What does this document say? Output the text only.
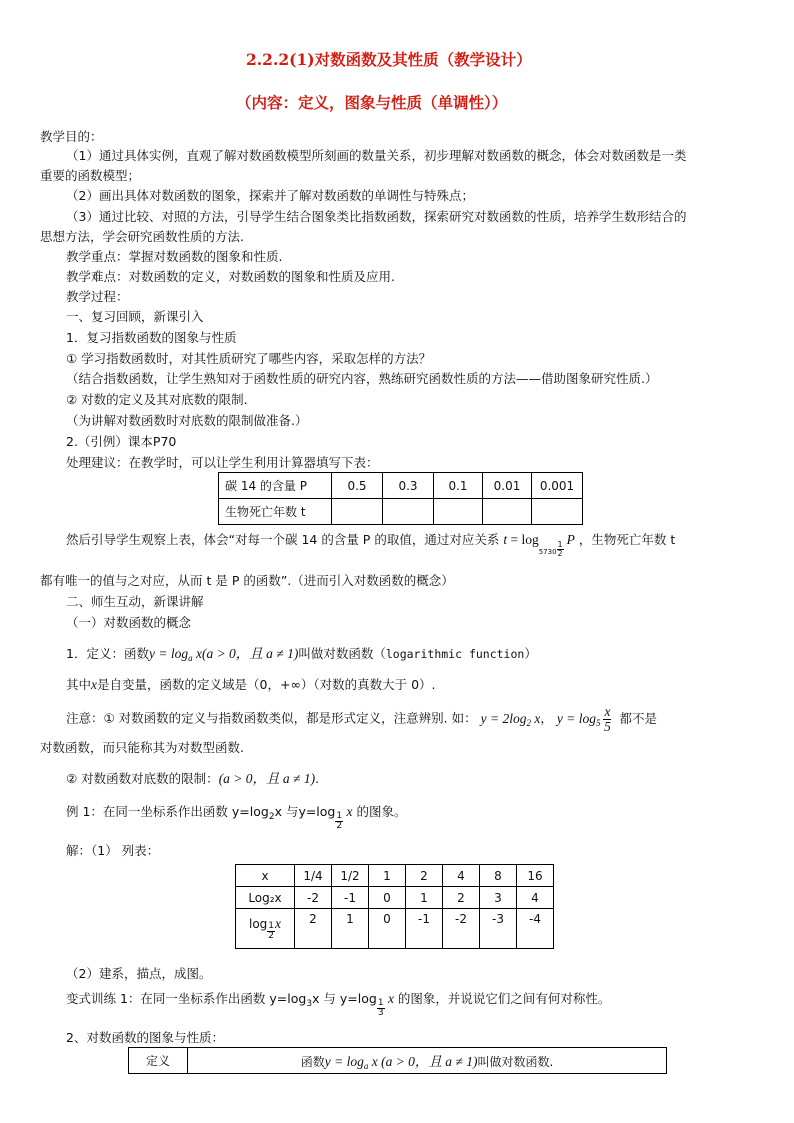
2.2.2(1)对数函数及其性质（教学设计）
（内容：定义，图象与性质（单调性））
教学目的：
（1）通过具体实例，直观了解对数函数模型所刻画的数量关系，初步理解对数函数的概念，体会对数函数是一类
重要的函数模型；
（2）画出具体对数函数的图象，探索并了解对数函数的单调性与特殊点；
（3）通过比较、对照的方法，引导学生结合图象类比指数函数，探索研究对数函数的性质，培养学生数形结合的
思想方法，学会研究函数性质的方法.
教学重点：掌握对数函数的图象和性质.
教学难点：对数函数的定义，对数函数的图象和性质及应用.
教学过程：
一、复习回顾，新课引入
1．复习指数函数的图象与性质
① 学习指数函数时，对其性质研究了哪些内容，采取怎样的方法？
（结合指数函数，让学生熟知对于函数性质的研究内容，熟练研究函数性质的方法——借助图象研究性质.）
② 对数的定义及其对底数的限制.
（为讲解对数函数时对底数的限制做准备.）
2.（引例）课本P70
处理建议：在教学时，可以让学生利用计算器填写下表：
碳 14 的含量 P	0.5	0.3	0.1	0.01	0.001
生物死亡年数 t					
然后引导学生观察上表，体会“对每一个碳 14 的含量 P 的取值，通过对应关系 $t = \log 5730 \frac{1}{2}$
P ，生物死亡年数 t
都有唯一的值与之对应，从而 t 是 P 的函数”.（进而引入对数函数的概念）
二、师生互动，新课讲解
（一）对数函数的概念
1．定义：函数$y = \log_a x(a > 0$，且 a ≠ 1)叫做对数函数（logarithmic function）
其中x是自变量，函数的定义域是（0，+∞）（对数的真数大于 0）.
注意：① 对数函数的定义与指数函数类似，都是形式定义，注意辨别. 如： $y = 2\log_2$ x， $y = \log_5 \frac{x}{5}$ 都不是
对数函数，而只能称其为对数型函数.
② 对数函数对底数的限制：(a > 0，且 a ≠ 1).
例 1：在同一坐标系作出函数 $y=\log_2x$ 与y=log
$\frac{1}{2}$
x 的图象。
解：（1） 列表：
x	1/4	1/2	1	2	4	8	16
Log₂x	-2	-1	0	1	2	3	4
$\log \frac{1}{2}$ x	2	1	0	-1	-2	-3	-4
（2）建系，描点，成图。
变式训练 1：在同一坐标系作出函数 $y=\log_3x$ 与 y=log
$\frac{1}{3}$
x 的图象，并说说它们之间有何对称性。
2、对数函数的图象与性质：
定义	函数$y = \log_a x$ (a > 0，且 a ≠ 1)叫做对数函数.
